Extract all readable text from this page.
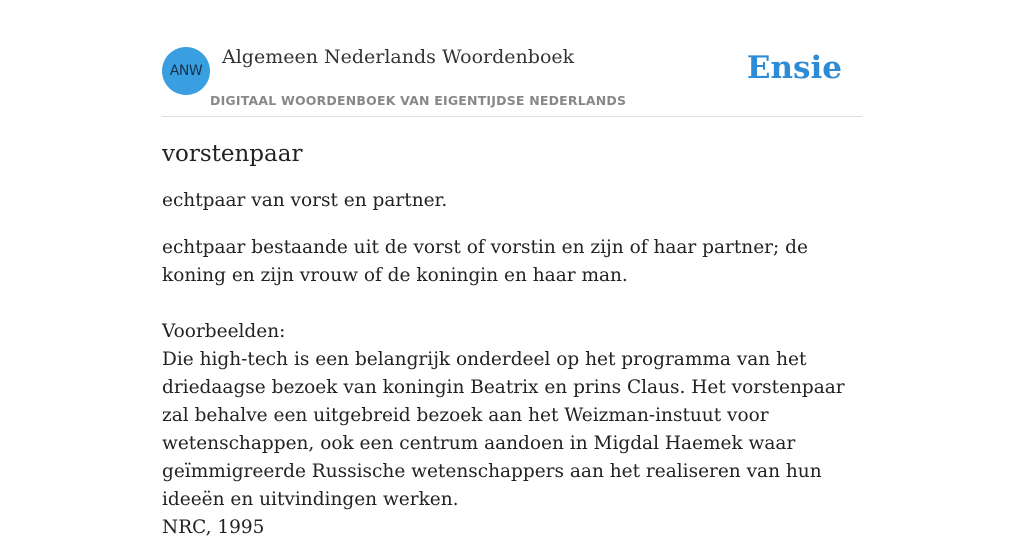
ANW
Algemeen Nederlands Woordenboek
DIGITAAL WOORDENBOEK VAN EIGENTIJDSE NEDERLANDS
Ensie
vorstenpaar

echtpaar van vorst en partner.

echtpaar bestaande uit de vorst of vorstin en zijn of haar partner; de koning en zijn vrouw of de koningin en haar man.

Voorbeelden:

Die high-tech is een belangrijk onderdeel op het programma van het driedaagse bezoek van koningin Beatrix en prins Claus. Het vorstenpaar zal behalve een uitgebreid bezoek aan het Weizman-instuut voor wetenschappen, ook een centrum aandoen in Migdal Haemek waar geïmmigreerde Russische wetenschappers aan het realiseren van hun ideeën en uitvindingen werken.

NRC, 1995
